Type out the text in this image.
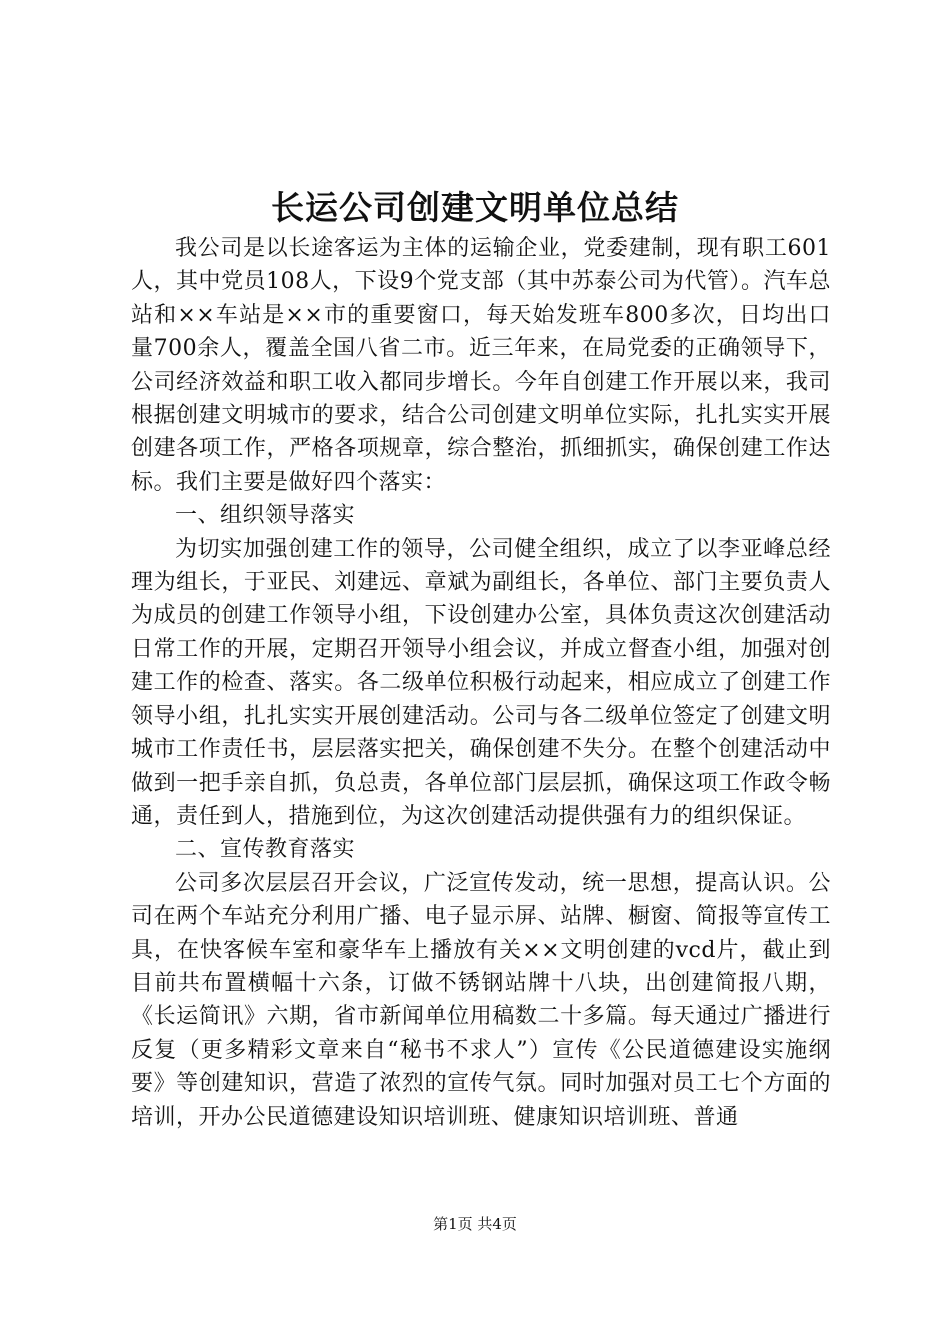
长运公司创建文明单位总结

我公司是以长途客运为主体的运输企业，党委建制，现有职工601人，其中党员108人，下设9个党支部（其中苏泰公司为代管）。汽车总站和××车站是××市的重要窗口，每天始发班车800多次，日均出口量700余人，覆盖全国八省二市。近三年来，在局党委的正确领导下，公司经济效益和职工收入都同步增长。今年自创建工作开展以来，我司根据创建文明城市的要求，结合公司创建文明单位实际，扎扎实实开展创建各项工作，严格各项规章，综合整治，抓细抓实，确保创建工作达标。我们主要是做好四个落实：

一、组织领导落实

为切实加强创建工作的领导，公司健全组织，成立了以李亚峰总经理为组长，于亚民、刘建远、章斌为副组长，各单位、部门主要负责人为成员的创建工作领导小组，下设创建办公室，具体负责这次创建活动日常工作的开展，定期召开领导小组会议，并成立督查小组，加强对创建工作的检查、落实。各二级单位积极行动起来，相应成立了创建工作领导小组，扎扎实实开展创建活动。公司与各二级单位签定了创建文明城市工作责任书，层层落实把关，确保创建不失分。在整个创建活动中做到一把手亲自抓，负总责，各单位部门层层抓，确保这项工作政令畅通，责任到人，措施到位，为这次创建活动提供强有力的组织保证。

二、宣传教育落实

公司多次层层召开会议，广泛宣传发动，统一思想，提高认识。公司在两个车站充分利用广播、电子显示屏、站牌、橱窗、简报等宣传工具，在快客候车室和豪华车上播放有关××文明创建的vcd片，截止到目前共布置横幅十六条，订做不锈钢站牌十八块，出创建简报八期，《长运简讯》六期，省市新闻单位用稿数二十多篇。每天通过广播进行反复（更多精彩文章来自“秘书不求人”）宣传《公民道德建设实施纲要》等创建知识，营造了浓烈的宣传气氛。同时加强对员工七个方面的培训，开办公民道德建设知识培训班、健康知识培训班、普通

第1页 共4页
